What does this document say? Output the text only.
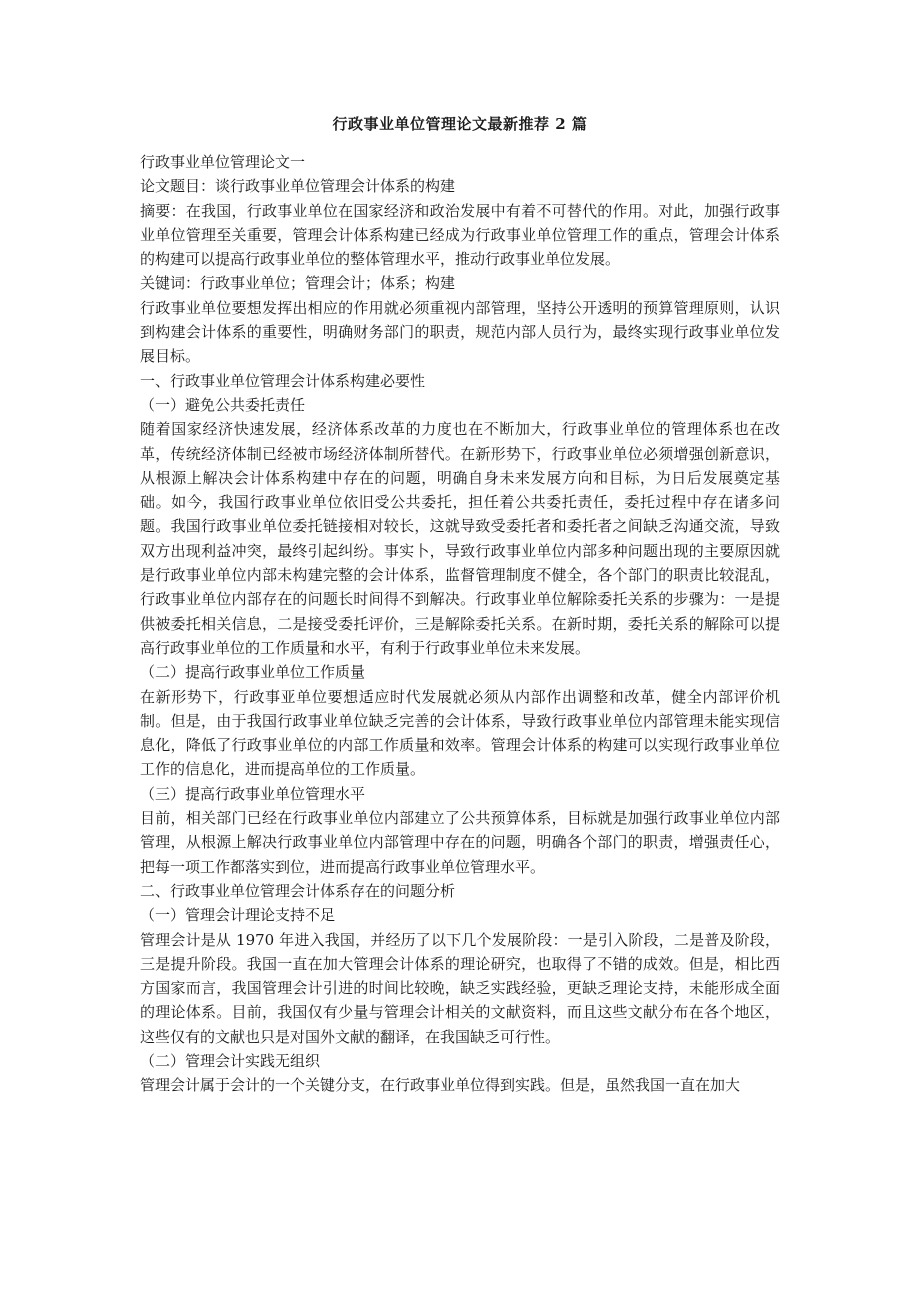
行政事业单位管理论文最新推荐 2 篇

行政事业单位管理论文一

论文题目：谈行政事业单位管理会计体系的构建

摘要：在我国，行政事业单位在国家经济和政治发展中有着不可替代的作用。对此，加强行政事业单位管理至关重要，管理会计体系构建已经成为行政事业单位管理工作的重点，管理会计体系的构建可以提高行政事业单位的整体管理水平，推动行政事业单位发展。

关键词：行政事业单位；管理会计；体系；构建

行政事业单位要想发挥出相应的作用就必须重视内部管理，坚持公开透明的预算管理原则，认识到构建会计体系的重要性，明确财务部门的职责，规范内部人员行为，最终实现行政事业单位发展目标。

一、行政事业单位管理会计体系构建必要性

（一）避免公共委托责任

随着国家经济快速发展，经济体系改革的力度也在不断加大，行政事业单位的管理体系也在改革，传统经济体制已经被市场经济体制所替代。在新形势下，行政事业单位必须增强创新意识，从根源上解决会计体系构建中存在的问题，明确自身未来发展方向和目标，为日后发展奠定基础。如今，我国行政事业单位依旧受公共委托，担任着公共委托责任，委托过程中存在诸多问题。我国行政事业单位委托链接相对较长，这就导致受委托者和委托者之间缺乏沟通交流，导致双方出现利益冲突，最终引起纠纷。事实卜，导致行政事业单位内部多种问题出现的主要原因就是行政事业单位内部未构建完整的会计体系，监督管理制度不健全，各个部门的职责比较混乱，行政事业单位内部存在的问题长时间得不到解决。行政事业单位解除委托关系的步骤为：一是提供被委托相关信息，二是接受委托评价，三是解除委托关系。在新时期，委托关系的解除可以提高行政事业单位的工作质量和水平，有利于行政事业单位未来发展。

（二）提高行政事业单位工作质量

在新形势下，行政事亚单位要想适应时代发展就必须从内部作出调整和改革，健全内部评价机制。但是，由于我国行政事业单位缺乏完善的会计体系，导致行政事业单位内部管理未能实现信息化，降低了行政事业单位的内部工作质量和效率。管理会计体系的构建可以实现行政事业单位工作的信息化，进而提高单位的工作质量。

（三）提高行政事业单位管理水平

目前，相关部门已经在行政事业单位内部建立了公共预算体系，目标就是加强行政事业单位内部管理，从根源上解决行政事业单位内部管理中存在的问题，明确各个部门的职责，增强责任心，把每一项工作都落实到位，进而提高行政事业单位管理水平。

二、行政事业单位管理会计体系存在的问题分析

（一）管理会计理论支持不足

管理会计是从 1970 年进入我国，并经历了以下几个发展阶段：一是引入阶段，二是普及阶段，三是提升阶段。我国一直在加大管理会计体系的理论研究，也取得了不错的成效。但是，相比西方国家而言，我国管理会计引进的时间比较晚，缺乏实践经验，更缺乏理论支持，未能形成全面的理论体系。目前，我国仅有少量与管理会计相关的文献资料，而且这些文献分布在各个地区，这些仅有的文献也只是对国外文献的翻译，在我国缺乏可行性。

（二）管理会计实践无组织

管理会计属于会计的一个关键分支，在行政事业单位得到实践。但是，虽然我国一直在加大
